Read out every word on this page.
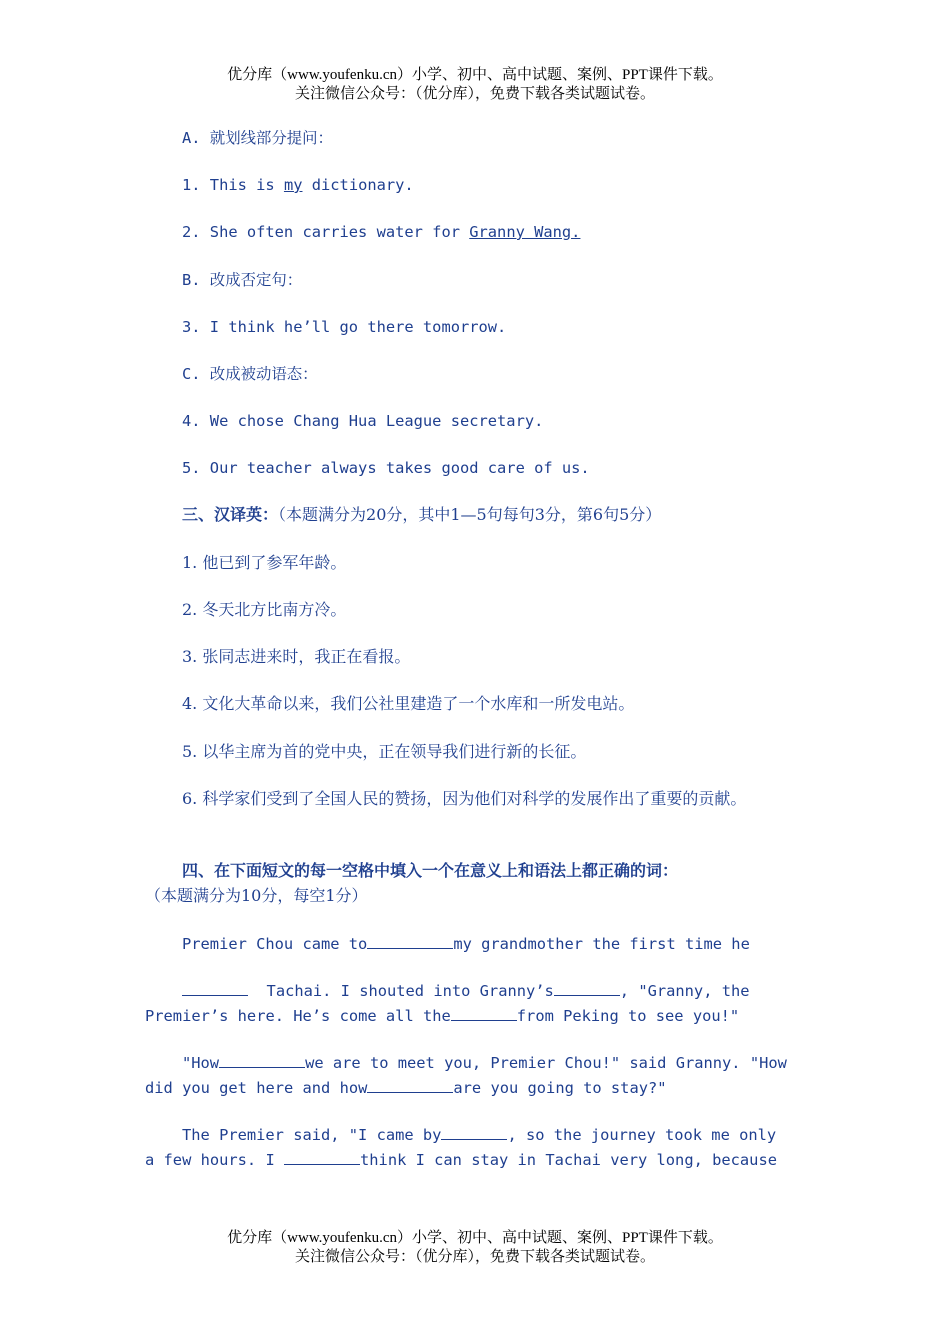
优分库（www.youfenku.cn）小学、初中、高中试题、案例、PPT课件下载。
关注微信公众号：（优分库），免费下载各类试题试卷。
A. 就划线部分提问：
1. This is my dictionary.
2. She often carries water for Granny Wang.
B. 改成否定句：
3. I think he’ll go there tomorrow.
C. 改成被动语态：
4. We chose Chang Hua League secretary.
5. Our teacher always takes good care of us.
三、汉译英：（本题满分为20分，其中1—5句每句3分，第6句5分）
1. 他已到了参军年龄。
2. 冬天北方比南方冷。
3. 张同志进来时，我正在看报。
4. 文化大革命以来，我们公社里建造了一个水库和一所发电站。
5. 以华主席为首的党中央，正在领导我们进行新的长征。
6. 科学家们受到了全国人民的赞扬，因为他们对科学的发展作出了重要的贡献。
四、在下面短文的每一空格中填入一个在意义上和语法上都正确的词：
（本题满分为10分，每空1分）
Premier Chou came to	my grandmother the first time he
Tachai. I shouted into Granny’s	, "Granny, the
Premier’s here. He’s come all the	from Peking to see you!"
"How	we are to meet you, Premier Chou!" said Granny. "How
did you get here and how	are you going to stay?"
The Premier said, "I came by	, so the journey took me only
a few hours. I	think I can stay in Tachai very long, because
优分库（www.youfenku.cn）小学、初中、高中试题、案例、PPT课件下载。
关注微信公众号：（优分库），免费下载各类试题试卷。
